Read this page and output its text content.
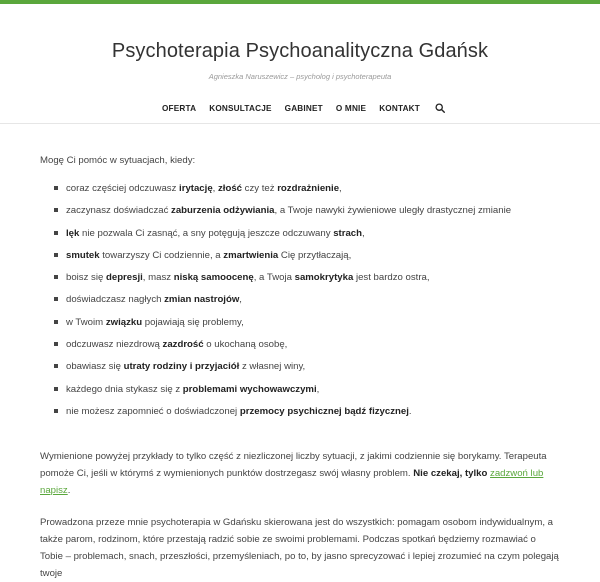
Psychoterapia Psychoanalityczna Gdańsk
Agnieszka Naruszewicz – psycholog i psychoterapeuta
OFERTA KONSULTACJE GABINET O MNIE KONTAKT

Mogę Ci pomóc w sytuacjach, kiedy:

coraz częściej odczuwasz irytację, złość czy też rozdrażnienie,
zaczynasz doświadczać zaburzenia odżywiania, a Twoje nawyki żywieniowe uległy drastycznej zmianie
lęk nie pozwala Ci zasnąć, a sny potęgują jeszcze odczuwany strach,
smutek towarzyszy Ci codziennie, a zmartwienia Cię przytłaczają,
boisz się depresji, masz niską samoocenę, a Twoja samokrytyka jest bardzo ostra,
doświadczasz nagłych zmian nastrojów,
w Twoim związku pojawiają się problemy,
odczuwasz niezdrową zazdrość o ukochaną osobę,
obawiasz się utraty rodziny i przyjaciół z własnej winy,
każdego dnia stykasz się z problemami wychowawczymi,
nie możesz zapomnieć o doświadczonej przemocy psychicznej bądź fizycznej.

Wymienione powyżej przykłady to tylko część z niezliczonej liczby sytuacji, z jakimi codziennie się borykamy. Terapeuta pomoże Ci, jeśli w którymś z wymienionych punktów dostrzegasz swój własny problem. Nie czekaj, tylko zadzwoń lub napisz.

Prowadzona przeze mnie psychoterapia w Gdańsku skierowana jest do wszystkich: pomagam osobom indywidualnym, a także parom, rodzinom, które przestają radzić sobie ze swoimi problemami. Podczas spotkań będziemy rozmawiać o Tobie – problemach, snach, przeszłości, przemyśleniach, po to, by jasno sprecyzować i lepiej zrozumieć na czym polegają twoje
